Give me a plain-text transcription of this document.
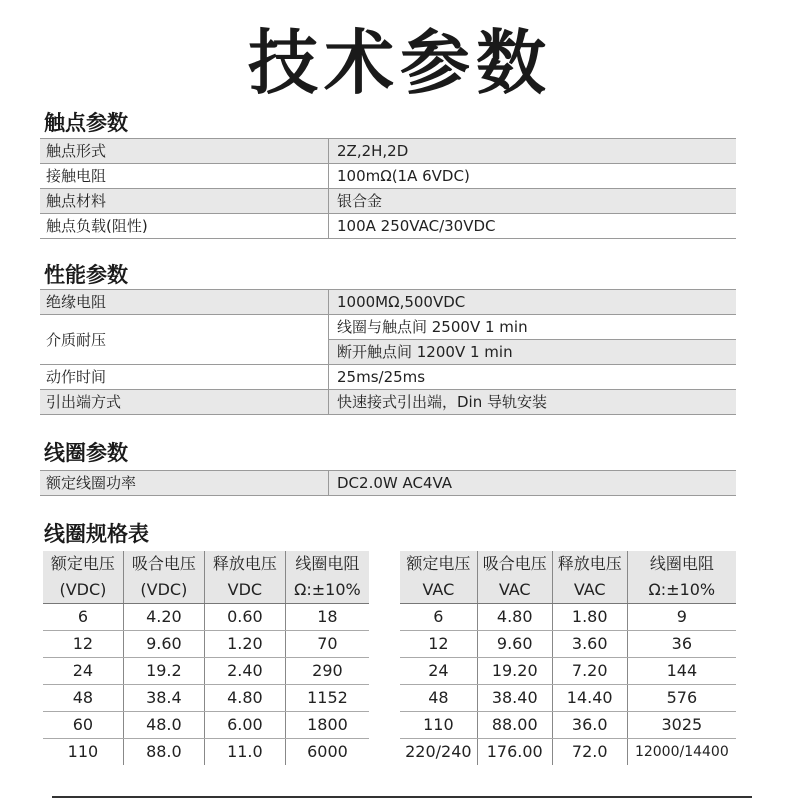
技术参数
触点参数
触点形式	2Z,2H,2D
接触电阻	100mΩ(1A 6VDC)
触点材料	银合金
触点负载(阻性)	100A 250VAC/30VDC
性能参数
绝缘电阻	1000MΩ,500VDC
介质耐压	线圈与触点间 2500V 1 min
	断开触点间 1200V 1 min
动作时间	25ms/25ms
引出端方式	快速接式引出端，Din 导轨安装
线圈参数
额定线圈功率	DC2.0W AC4VA
线圈规格表
额定电压	吸合电压	释放电压	线圈电阻
(VDC)	(VDC)	VDC	Ω:±10%
6	4.20	0.60	18
12	9.60	1.20	70
24	19.2	2.40	290
48	38.4	4.80	1152
60	48.0	6.00	1800
110	88.0	11.0	6000
额定电压	吸合电压	释放电压	线圈电阻
VAC	VAC	VAC	Ω:±10%
6	4.80	1.80	9
12	9.60	3.60	36
24	19.20	7.20	144
48	38.40	14.40	576
110	88.00	36.0	3025
220/240	176.00	72.0	12000/14400
